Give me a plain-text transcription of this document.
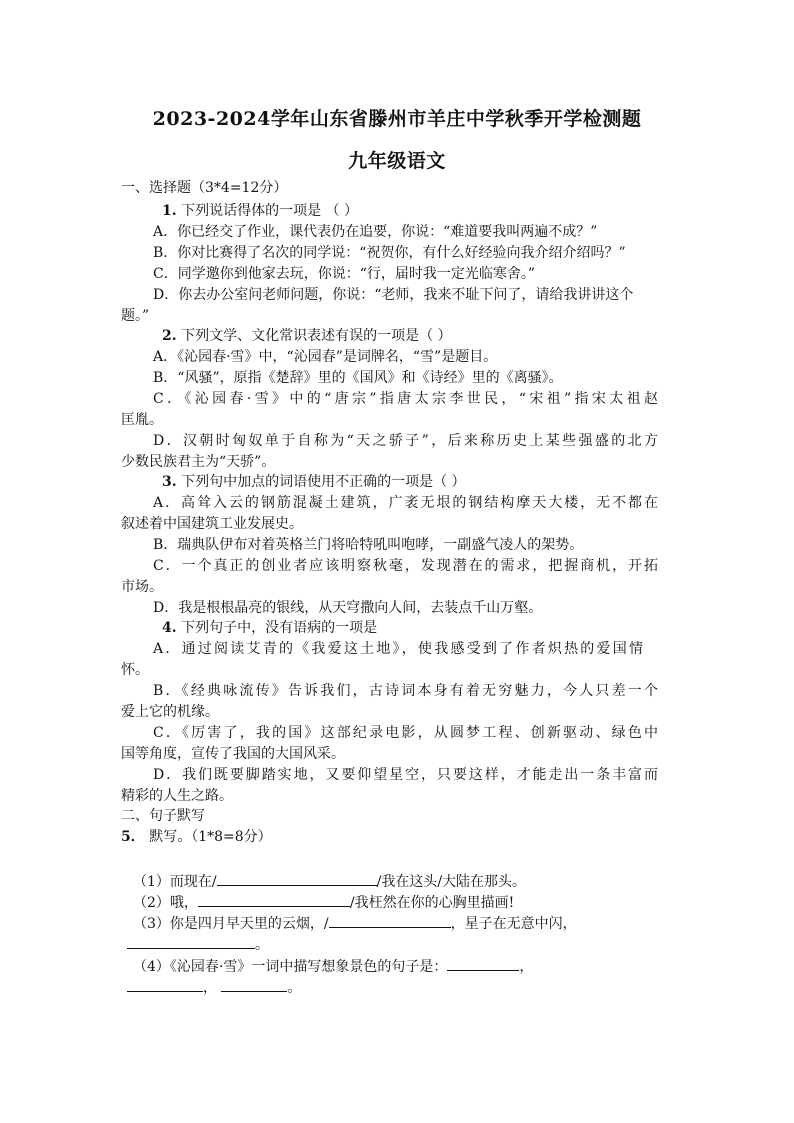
2023-2024学年山东省滕州市羊庄中学秋季开学检测题
九年级语文
一、选择题（3*4=12分）
1. 下列说话得体的一项是 （ ）
A．你已经交了作业，课代表仍在追要，你说：“难道要我叫两遍不成？”
B．你对比赛得了名次的同学说：“祝贺你，有什么好经验向我介绍介绍吗？”
C．同学邀你到他家去玩，你说：“行，届时我一定光临寒舍。”
D．你去办公室问老师问题，你说：“老师，我来不耻下问了，请给我讲讲这个
题。”
2. 下列文学、文化常识表述有误的一项是（ ）
A．《沁园春·雪》中，“沁园春”是词牌名，“雪”是题目。
B．“风骚”，原指《楚辞》里的《国风》和《诗经》里的《离骚》。
C．《沁园春·雪》中的“唐宗”指唐太宗李世民，“宋祖”指宋太祖赵
匡胤。
D．汉朝时匈奴单于自称为“天之骄子”，后来称历史上某些强盛的北方
少数民族君主为“天骄”。
3. 下列句中加点的词语使用不正确的一项是（ ）
A．高耸入云的钢筋混凝土建筑，广袤无垠的钢结构摩天大楼，无不都在
叙述着中国建筑工业发展史。
B．瑞典队伊布对着英格兰门将哈特吼叫咆哮，一副盛气凌人的架势。
C．一个真正的创业者应该明察秋毫，发现潜在的需求，把握商机，开拓
市场。
D．我是根根晶亮的银线，从天穹撒向人间，去装点千山万壑。
4. 下列句子中，没有语病的一项是
A．通过阅读艾青的《我爱这土地》，使我感受到了作者炽热的爱国情
怀。
B．《经典咏流传》告诉我们，古诗词本身有着无穷魅力，今人只差一个
爱上它的机缘。
C．《厉害了，我的国》这部纪录电影，从圆梦工程、创新驱动、绿色中
国等角度，宣传了我国的大国风采。
D．我们既要脚踏实地，又要仰望星空，只要这样，才能走出一条丰富而
精彩的人生之路。
二、句子默写
5． 默写。（1*8=8分）
（1）而现在/	/我在这头/大陆在那头。
（2）哦，	/我枉然在你的心胸里描画!
（3）你是四月早天里的云烟，/	，星子在无意中闪，
。
（4）《沁园春·雪》一词中描写想象景色的句子是：	，
，	。
